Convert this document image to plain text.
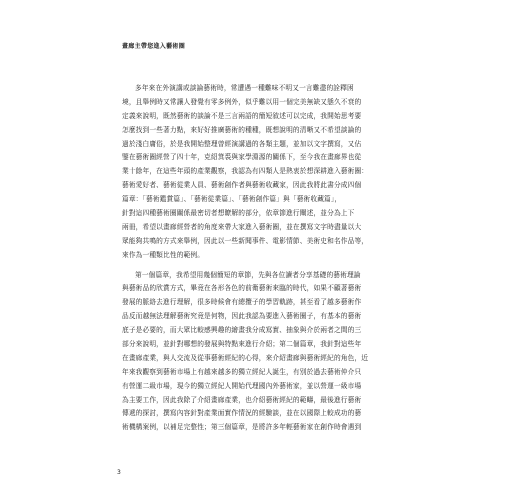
畫廊主帶您進入藝術圈
多年來在外演講或談論藝術時，常遭遇一種難味不明又一言難盡的詮釋困
境，且舉例時又常讓人發覺有零多例外，似乎難以用一個完美無缺又態久不衰的
定義來說明，既然藝術的談論不是三言兩語的簡短敘述可以完成，我開始思考要
怎麼找到一些著力點，來好好推廣藝術的種種，既想說明的清晰又不希望談論的
過於淺白庸俗，於是我開始整理曾經演講過的各類主題，並加以文字撰寫，又佔
鑒在藝術圈經營了四十年，克紹箕裘與家學淵源的關係下，至今我在畫廊界也從
業十餘年，在這些年頭的產業觀察，我認為有四類人是熱衷於想深耕進入藝術圈：
藝術愛好者、藝術從業人員、藝術創作者與藝術收藏家，因此我將此書分成四個
篇章：「藝術鑑賞篇」、「藝術從業篇」、「藝術創作篇」與「藝術收藏篇」，
針對這四種藝術圈關係最密切者想瞭解的部分，依章節進行闡述，並分為上下
兩冊，希望以畫廊經營者的角度來帶大家進入藝術圈，並在撰寫文字時盡量以大
眾能夠共鳴的方式來舉例，因此以一些新聞事件、電影情節、美術史和名作品等，
來作為一種類比性的範例。
第一個篇章，我希望用幾個簡短的章節，先與各位讀者分享基礎的藝術理論
與藝術品的欣賞方式，畢竟在各形各色的前衛藝術來臨的時代，如果不顧著藝術
發展的脈絡去進行理解，很多時候會有總攬子的學習軌跡，甚至看了越多藝術作
品反而越無法理解藝術究竟是何物，因此我認為要進入藝術圈子，有基本的藝術
底子是必要的，而大眾比較感興趣的繪畫我分成寫實、抽象與介於兩者之間的三
部分來說明，並針對哪想的發展與特點來進行介紹；第二個篇章，我針對這些年
在畫廊產業，與人交流及從事藝術經紀的心得，來介紹畫廊與藝術經紀的角色，近
年來我觀察到藝術市場上有越來越多的獨立經紀人誕生，有別於過去藝術仲介只
有營運二級市場，現今的獨立經紀人開始代理國內外藝術家，並以營運一級市場
為主要工作，因此我除了介紹畫廊產業，也介紹藝術經紀的範疇，最後進行藝術
傳遞的探討，撰寫內容針對產業面實作情況的經驗談，並在以國際上較成功的藝
術機構案例，以補足完整性；第三個篇章，是將許多年輕藝術家在創作時會遇到
3
